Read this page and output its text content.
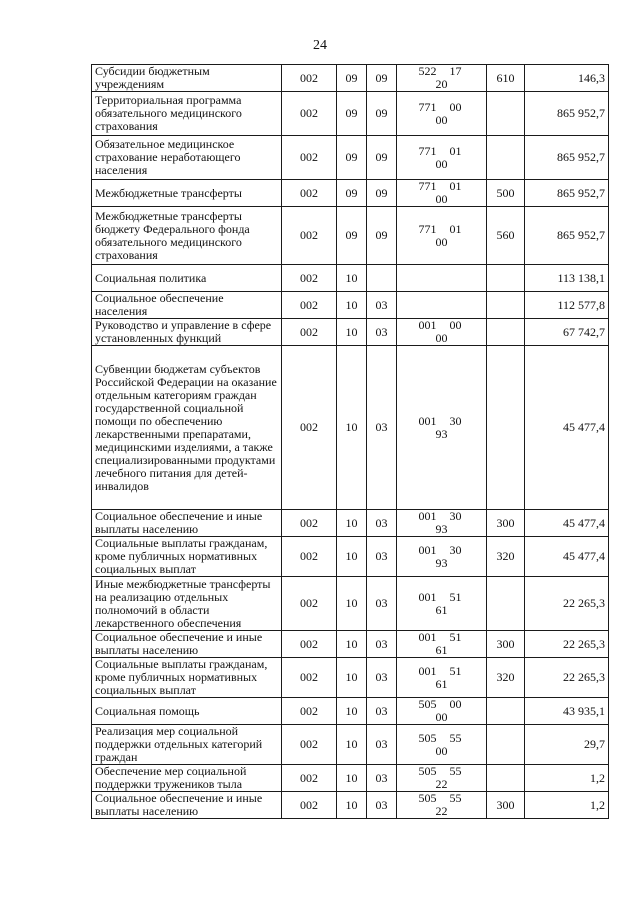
24
Субсидии бюджетным учреждениям	002	09	09	522 1720	610	146,3
Территориальная программа обязательного медицинского страхования	002	09	09	771 0000		865 952,7
Обязательное медицинское страхование неработающего населения	002	09	09	771 0100		865 952,7
Межбюджетные трансферты	002	09	09	771 0100	500	865 952,7
Межбюджетные трансферты бюджету Федерального фонда обязательного медицинского страхования	002	09	09	771 0100	560	865 952,7
Социальная политика	002	10				113 138,1
Социальное обеспечение населения	002	10	03			112 577,8
Руководство и управление в сфере установленных функций	002	10	03	001 0000		67 742,7
Субвенции бюджетам субъектов Российской Федерации на оказание отдельным категориям граждан государственной социальной помощи по обеспечению лекарственными препаратами, медицинскими изделиями, а также специализированными продуктами лечебного питания для детей-инвалидов	002	10	03	001 3093		45 477,4
Социальное обеспечение и иные выплаты населению	002	10	03	001 3093	300	45 477,4
Социальные выплаты гражданам, кроме публичных нормативных социальных выплат	002	10	03	001 3093	320	45 477,4
Иные межбюджетные трансферты на реализацию отдельных полномочий в области лекарственного обеспечения	002	10	03	001 5161		22 265,3
Социальное обеспечение и иные выплаты населению	002	10	03	001 5161	300	22 265,3
Социальные выплаты гражданам, кроме публичных нормативных социальных выплат	002	10	03	001 5161	320	22 265,3
Социальная помощь	002	10	03	505 0000		43 935,1
Реализация мер социальной поддержки отдельных категорий граждан	002	10	03	505 5500		29,7
Обеспечение мер социальной поддержки тружеников тыла	002	10	03	505 5522		1,2
Социальное обеспечение и иные выплаты населению	002	10	03	505 5522	300	1,2
